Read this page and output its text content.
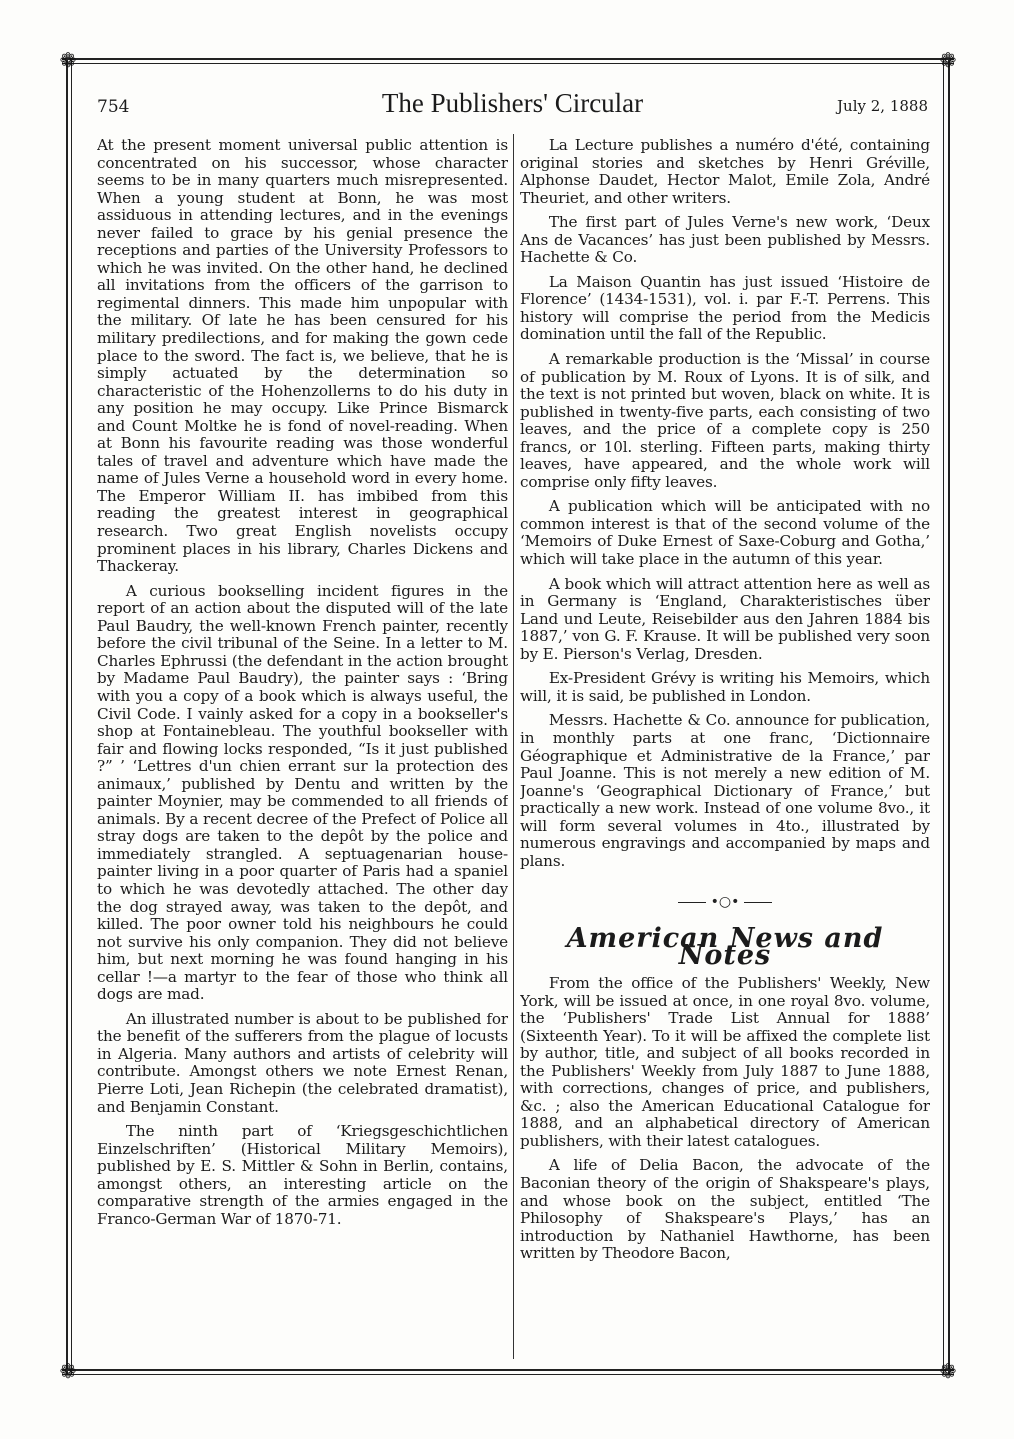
❁	❁
❁	❁
754	The Publishers' Circular	July 2, 1888

At the present moment universal public attention is concentrated on his successor, whose character seems to be in many quarters much misrepresented. When a young student at Bonn, he was most assiduous in attending lectures, and in the evenings never failed to grace by his genial presence the receptions and parties of the University Professors to which he was invited. On the other hand, he declined all invitations from the officers of the garrison to regimental dinners. This made him unpopular with the military. Of late he has been censured for his military predilections, and for making the gown cede place to the sword. The fact is, we believe, that he is simply actuated by the determination so characteristic of the Hohenzollerns to do his duty in any position he may occupy. Like Prince Bismarck and Count Moltke he is fond of novel-reading. When at Bonn his favourite reading was those wonderful tales of travel and adventure which have made the name of Jules Verne a household word in every home. The Emperor William II. has imbibed from this reading the greatest interest in geographical research. Two great English novelists occupy prominent places in his library, Charles Dickens and Thackeray.

A curious bookselling incident figures in the report of an action about the disputed will of the late Paul Baudry, the well-known French painter, recently before the civil tribunal of the Seine. In a letter to M. Charles Ephrussi (the defendant in the action brought by Madame Paul Baudry), the painter says : ‘Bring with you a copy of a book which is always useful, the Civil Code. I vainly asked for a copy in a bookseller's shop at Fontainebleau. The youthful bookseller with fair and flowing locks responded, “Is it just published ?” ’ ‘Lettres d'un chien errant sur la protection des animaux,’ published by Dentu and written by the painter Moynier, may be commended to all friends of animals. By a recent decree of the Prefect of Police all stray dogs are taken to the depôt by the police and immediately strangled. A septuagenarian house-painter living in a poor quarter of Paris had a spaniel to which he was devotedly attached. The other day the dog strayed away, was taken to the depôt, and killed. The poor owner told his neighbours he could not survive his only companion. They did not believe him, but next morning he was found hanging in his cellar !—a martyr to the fear of those who think all dogs are mad.

An illustrated number is about to be published for the benefit of the sufferers from the plague of locusts in Algeria. Many authors and artists of celebrity will contribute. Amongst others we note Ernest Renan, Pierre Loti, Jean Richepin (the celebrated dramatist), and Benjamin Constant.

The ninth part of ‘Kriegsgeschichtlichen Einzelschriften’ (Historical Military Memoirs), published by E. S. Mittler & Sohn in Berlin, contains, amongst others, an interesting article on the comparative strength of the armies engaged in the Franco-German War of 1870-71.

La Lecture publishes a numéro d'été, containing original stories and sketches by Henri Gréville, Alphonse Daudet, Hector Malot, Emile Zola, André Theuriet, and other writers.

The first part of Jules Verne's new work, ‘Deux Ans de Vacances’ has just been published by Messrs. Hachette & Co.

La Maison Quantin has just issued ‘Histoire de Florence’ (1434-1531), vol. i. par F.-T. Perrens. This history will comprise the period from the Medicis domination until the fall of the Republic.

A remarkable production is the ‘Missal’ in course of publication by M. Roux of Lyons. It is of silk, and the text is not printed but woven, black on white. It is published in twenty-five parts, each consisting of two leaves, and the price of a complete copy is 250 francs, or 10l. sterling. Fifteen parts, making thirty leaves, have appeared, and the whole work will comprise only fifty leaves.

A publication which will be anticipated with no common interest is that of the second volume of the ‘Memoirs of Duke Ernest of Saxe-Coburg and Gotha,’ which will take place in the autumn of this year.

A book which will attract attention here as well as in Germany is ‘England, Charakteristisches über Land und Leute, Reisebilder aus den Jahren 1884 bis 1887,’ von G. F. Krause. It will be published very soon by E. Pierson's Verlag, Dresden.

Ex-President Grévy is writing his Memoirs, which will, it is said, be published in London.

Messrs. Hachette & Co. announce for publication, in monthly parts at one franc, ‘Dictionnaire Géographique et Administrative de la France,’ par Paul Joanne. This is not merely a new edition of M. Joanne's ‘Geographical Dictionary of France,’ but practically a new work. Instead of one volume 8vo., it will form several volumes in 4to., illustrated by numerous engravings and accompanied by maps and plans.

•○•
American News and Notes

From the office of the Publishers' Weekly, New York, will be issued at once, in one royal 8vo. volume, the ‘Publishers' Trade List Annual for 1888’ (Sixteenth Year). To it will be affixed the complete list by author, title, and subject of all books recorded in the Publishers' Weekly from July 1887 to June 1888, with corrections, changes of price, and publishers, &c. ; also the American Educational Catalogue for 1888, and an alphabetical directory of American publishers, with their latest catalogues.

A life of Delia Bacon, the advocate of the Baconian theory of the origin of Shakspeare's plays, and whose book on the subject, entitled ‘The Philosophy of Shakspeare's Plays,’ has an introduction by Nathaniel Hawthorne, has been written by Theodore Bacon,
